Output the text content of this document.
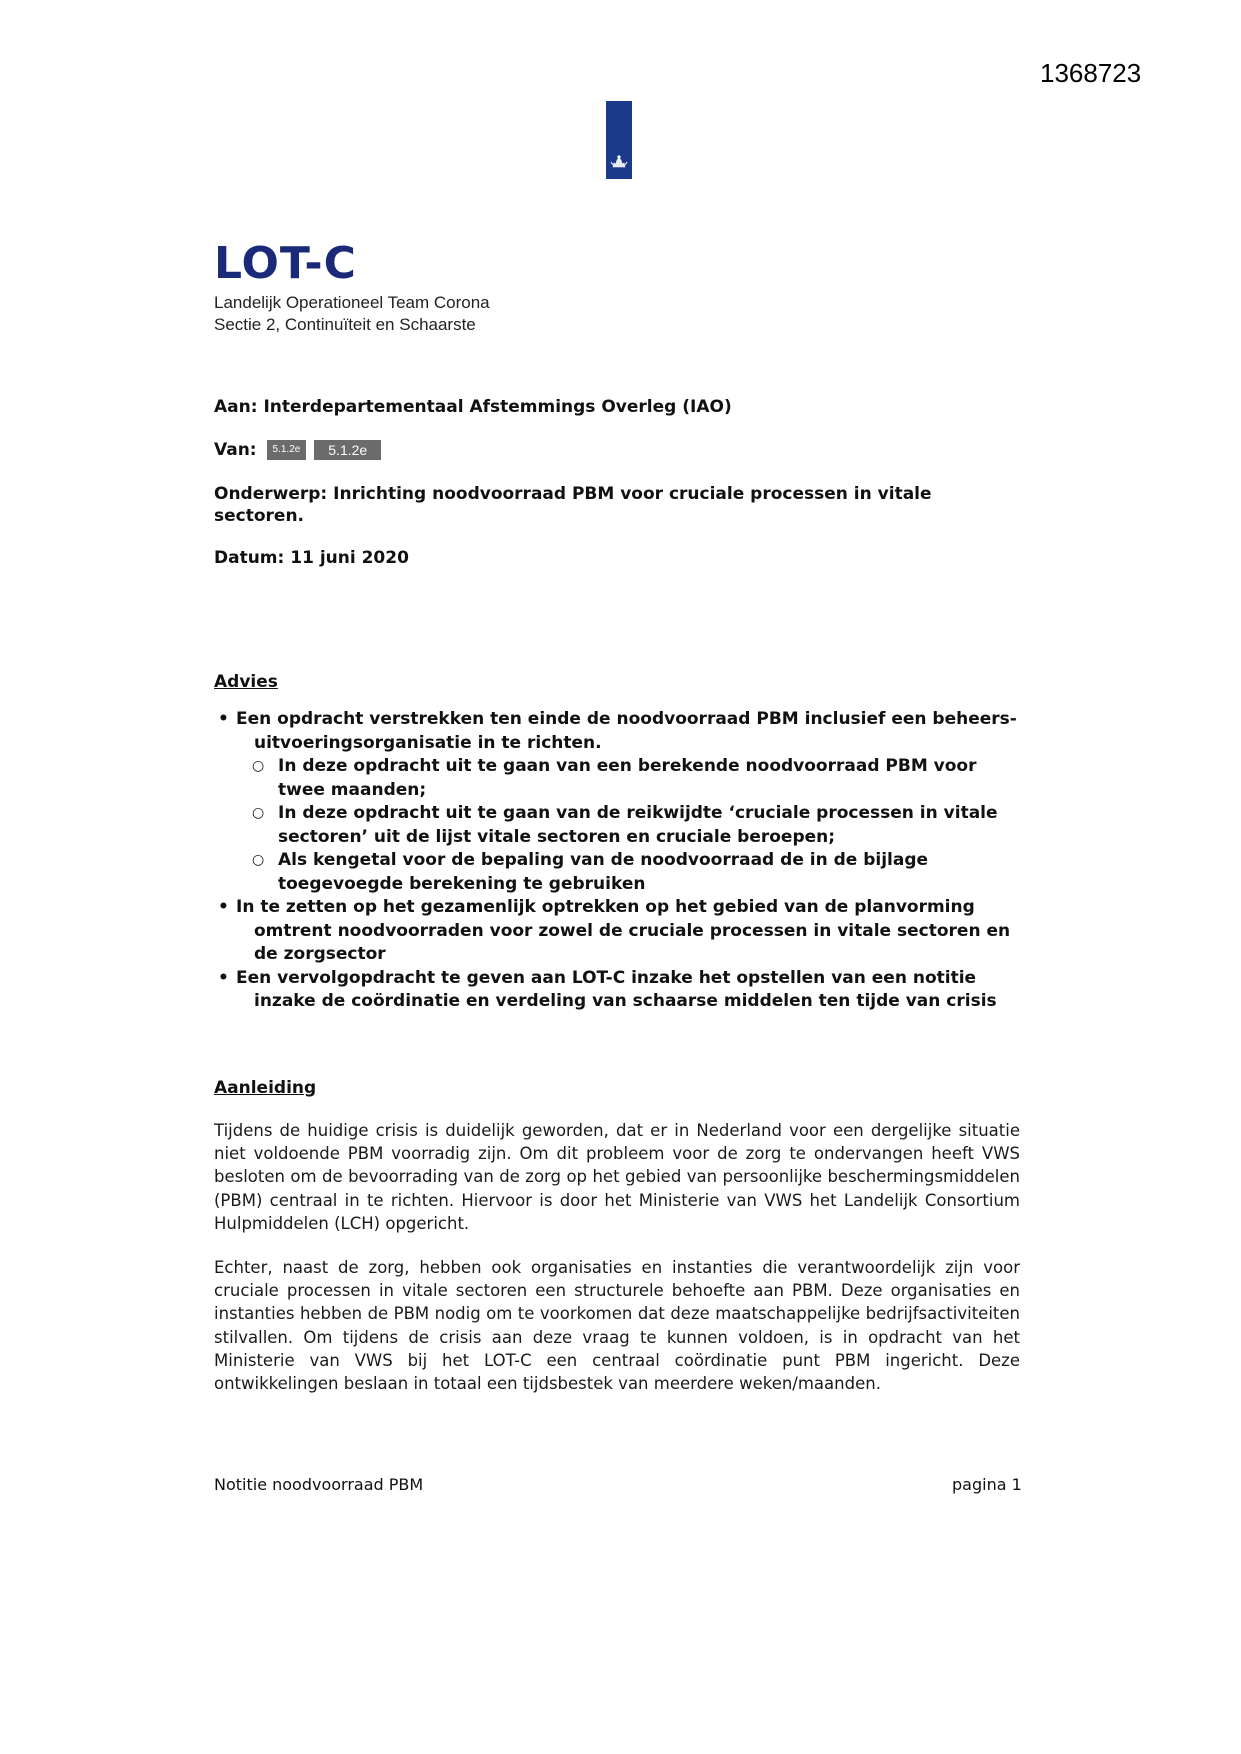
1368723
LOT-C
Landelijk Operationeel Team Corona
Sectie 2, Continuïteit en Schaarste
Aan: Interdepartementaal Afstemmings Overleg (IAO)
Van: 5.1.2e 5.1.2e
Onderwerp: Inrichting noodvoorraad PBM voor cruciale processen in vitale sectoren.
Datum: 11 juni 2020
Advies
• Een opdracht verstrekken ten einde de noodvoorraad PBM inclusief een beheers- uitvoeringsorganisatie in te richten.
○ In deze opdracht uit te gaan van een berekende noodvoorraad PBM voor twee maanden;
○ In deze opdracht uit te gaan van de reikwijdte ‘cruciale processen in vitale sectoren’ uit de lijst vitale sectoren en cruciale beroepen;
○ Als kengetal voor de bepaling van de noodvoorraad de in de bijlage toegevoegde berekening te gebruiken
• In te zetten op het gezamenlijk optrekken op het gebied van de planvorming omtrent noodvoorraden voor zowel de cruciale processen in vitale sectoren en de zorgsector
• Een vervolgopdracht te geven aan LOT-C inzake het opstellen van een notitie inzake de coördinatie en verdeling van schaarse middelen ten tijde van crisis
Aanleiding

Tijdens de huidige crisis is duidelijk geworden, dat er in Nederland voor een dergelijke situatie niet voldoende PBM voorradig zijn. Om dit probleem voor de zorg te ondervangen heeft VWS besloten om de bevoorrading van de zorg op het gebied van persoonlijke beschermingsmiddelen (PBM) centraal in te richten. Hiervoor is door het Ministerie van VWS het Landelijk Consortium Hulpmiddelen (LCH) opgericht.

Echter, naast de zorg, hebben ook organisaties en instanties die verantwoordelijk zijn voor cruciale processen in vitale sectoren een structurele behoefte aan PBM. Deze organisaties en instanties hebben de PBM nodig om te voorkomen dat deze maatschappelijke bedrijfsactiviteiten stilvallen. Om tijdens de crisis aan deze vraag te kunnen voldoen, is in opdracht van het Ministerie van VWS bij het LOT-C een centraal coördinatie punt PBM ingericht. Deze ontwikkelingen beslaan in totaal een tijdsbestek van meerdere weken/maanden.

Notitie noodvoorraad PBM	pagina 1
